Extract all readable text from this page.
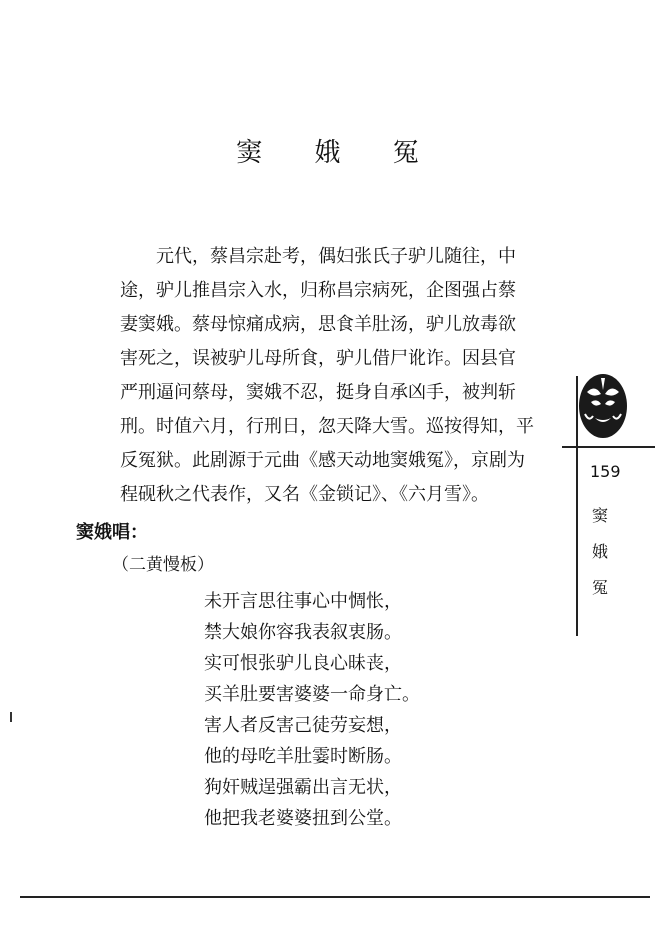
窦 娥 冤

元代，蔡昌宗赴考，偶妇张氏子驴儿随往，中
途，驴儿推昌宗入水，归称昌宗病死，企图强占蔡
妻窦娥。蔡母惊痛成病，思食羊肚汤，驴儿放毒欲
害死之，误被驴儿母所食，驴儿借尸讹诈。因县官
严刑逼问蔡母，窦娥不忍，挺身自承凶手，被判斩
刑。时值六月，行刑日，忽天降大雪。巡按得知，平
反冤狱。此剧源于元曲《感天动地窦娥冤》，京剧为
程砚秋之代表作，又名《金锁记》、《六月雪》。

窦娥唱：
（二黄慢板）
未开言思往事心中惆怅，
禁大娘你容我表叙衷肠。
实可恨张驴儿良心昧丧，
买羊肚要害婆婆一命身亡。
害人者反害己徒劳妄想，
他的母吃羊肚霎时断肠。
狗奸贼逞强霸出言无状，
他把我老婆婆扭到公堂。
159
窦
娥
冤
